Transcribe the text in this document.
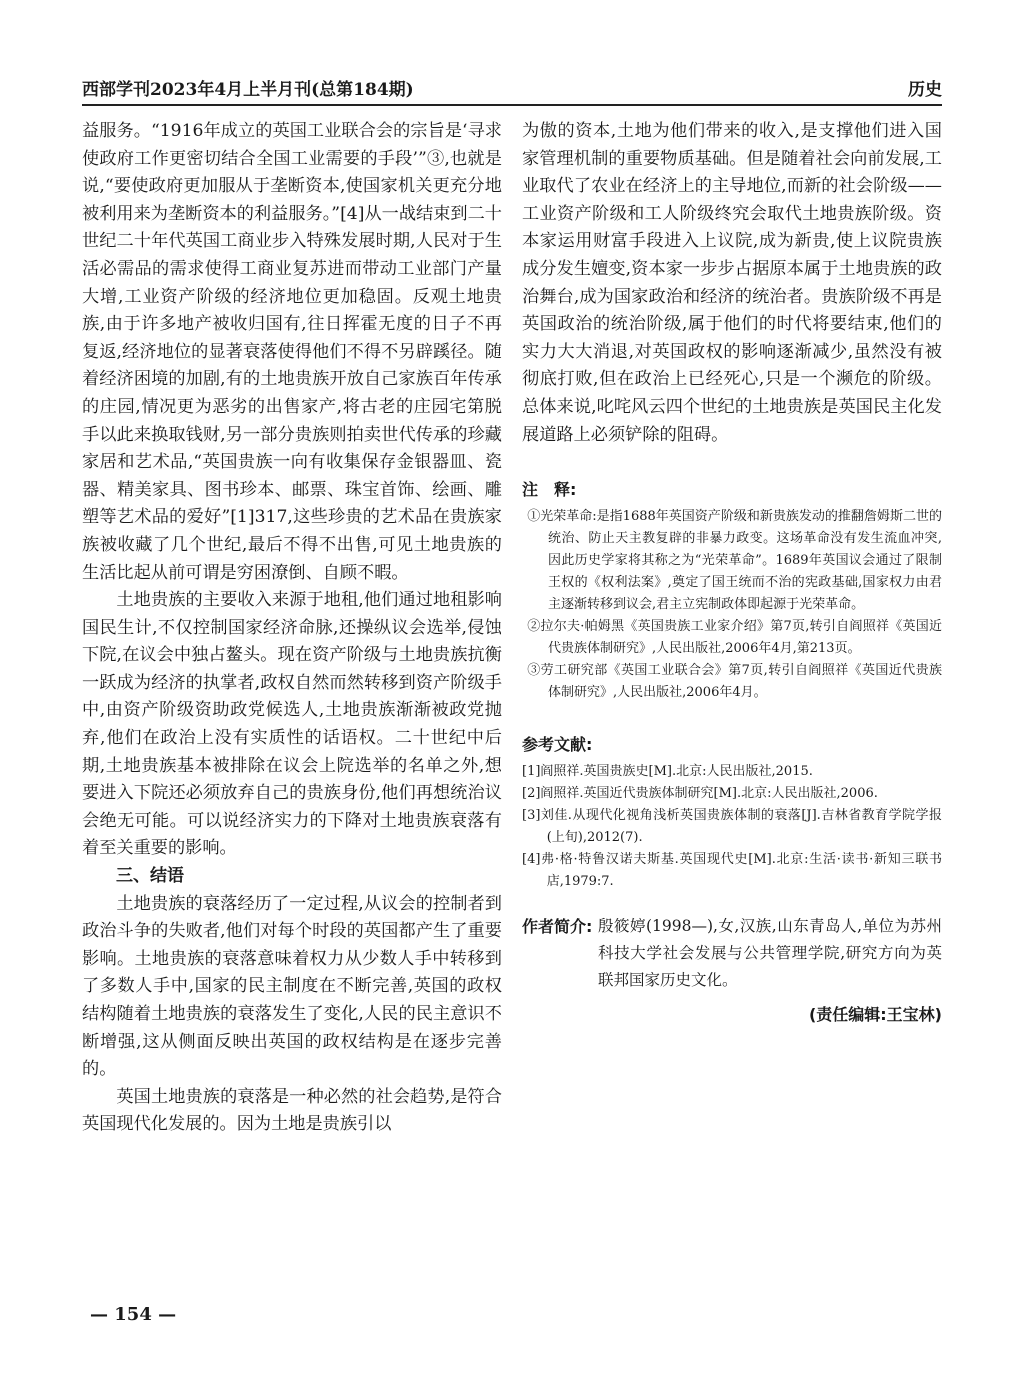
西部学刊2023年4月上半月刊(总第184期)	历史

益服务。“1916年成立的英国工业联合会的宗旨是‘寻求使政府工作更密切结合全国工业需要的手段’”③,也就是说,“要使政府更加服从于垄断资本,使国家机关更充分地被利用来为垄断资本的利益服务。”[4]从一战结束到二十世纪二十年代英国工商业步入特殊发展时期,人民对于生活必需品的需求使得工商业复苏进而带动工业部门产量大增,工业资产阶级的经济地位更加稳固。反观土地贵族,由于许多地产被收归国有,往日挥霍无度的日子不再复返,经济地位的显著衰落使得他们不得不另辟蹊径。随着经济困境的加剧,有的土地贵族开放自己家族百年传承的庄园,情况更为恶劣的出售家产,将古老的庄园宅第脱手以此来换取钱财,另一部分贵族则拍卖世代传承的珍藏家居和艺术品,“英国贵族一向有收集保存金银器皿、瓷器、精美家具、图书珍本、邮票、珠宝首饰、绘画、雕塑等艺术品的爱好”[1]317,这些珍贵的艺术品在贵族家族被收藏了几个世纪,最后不得不出售,可见土地贵族的生活比起从前可谓是穷困潦倒、自顾不暇。

土地贵族的主要收入来源于地租,他们通过地租影响国民生计,不仅控制国家经济命脉,还操纵议会选举,侵蚀下院,在议会中独占鳌头。现在资产阶级与土地贵族抗衡一跃成为经济的执掌者,政权自然而然转移到资产阶级手中,由资产阶级资助政党候选人,土地贵族渐渐被政党抛弃,他们在政治上没有实质性的话语权。二十世纪中后期,土地贵族基本被排除在议会上院选举的名单之外,想要进入下院还必须放弃自己的贵族身份,他们再想统治议会绝无可能。可以说经济实力的下降对土地贵族衰落有着至关重要的影响。

三、结语

土地贵族的衰落经历了一定过程,从议会的控制者到政治斗争的失败者,他们对每个时段的英国都产生了重要影响。土地贵族的衰落意味着权力从少数人手中转移到了多数人手中,国家的民主制度在不断完善,英国的政权结构随着土地贵族的衰落发生了变化,人民的民主意识不断增强,这从侧面反映出英国的政权结构是在逐步完善的。

英国土地贵族的衰落是一种必然的社会趋势,是符合英国现代化发展的。因为土地是贵族引以

为傲的资本,土地为他们带来的收入,是支撑他们进入国家管理机制的重要物质基础。但是随着社会向前发展,工业取代了农业在经济上的主导地位,而新的社会阶级——工业资产阶级和工人阶级终究会取代土地贵族阶级。资本家运用财富手段进入上议院,成为新贵,使上议院贵族成分发生嬗变,资本家一步步占据原本属于土地贵族的政治舞台,成为国家政治和经济的统治者。贵族阶级不再是英国政治的统治阶级,属于他们的时代将要结束,他们的实力大大消退,对英国政权的影响逐渐减少,虽然没有被彻底打败,但在政治上已经死心,只是一个濒危的阶级。总体来说,叱咤风云四个世纪的土地贵族是英国民主化发展道路上必须铲除的阻碍。

注　释:

①光荣革命:是指1688年英国资产阶级和新贵族发动的推翻詹姆斯二世的统治、防止天主教复辟的非暴力政变。这场革命没有发生流血冲突,因此历史学家将其称之为“光荣革命”。1689年英国议会通过了限制王权的《权利法案》,奠定了国王统而不治的宪政基础,国家权力由君主逐渐转移到议会,君主立宪制政体即起源于光荣革命。

②拉尔夫·帕姆黑《英国贵族工业家介绍》第7页,转引自阎照祥《英国近代贵族体制研究》,人民出版社,2006年4月,第213页。

③劳工研究部《英国工业联合会》第7页,转引自阎照祥《英国近代贵族体制研究》,人民出版社,2006年4月。

参考文献:

[1]阎照祥.英国贵族史[M].北京:人民出版社,2015.

[2]阎照祥.英国近代贵族体制研究[M].北京:人民出版社,2006.

[3]刘佳.从现代化视角浅析英国贵族体制的衰落[J].吉林省教育学院学报(上旬),2012(7).

[4]弗·格·特鲁汉诺夫斯基.英国现代史[M].北京:生活·读书·新知三联书店,1979:7.

作者简介: 殷筱婷(1998—),女,汉族,山东青岛人,单位为苏州科技大学社会发展与公共管理学院,研究方向为英联邦国家历史文化。
(责任编辑:王宝林)
— 154 —
